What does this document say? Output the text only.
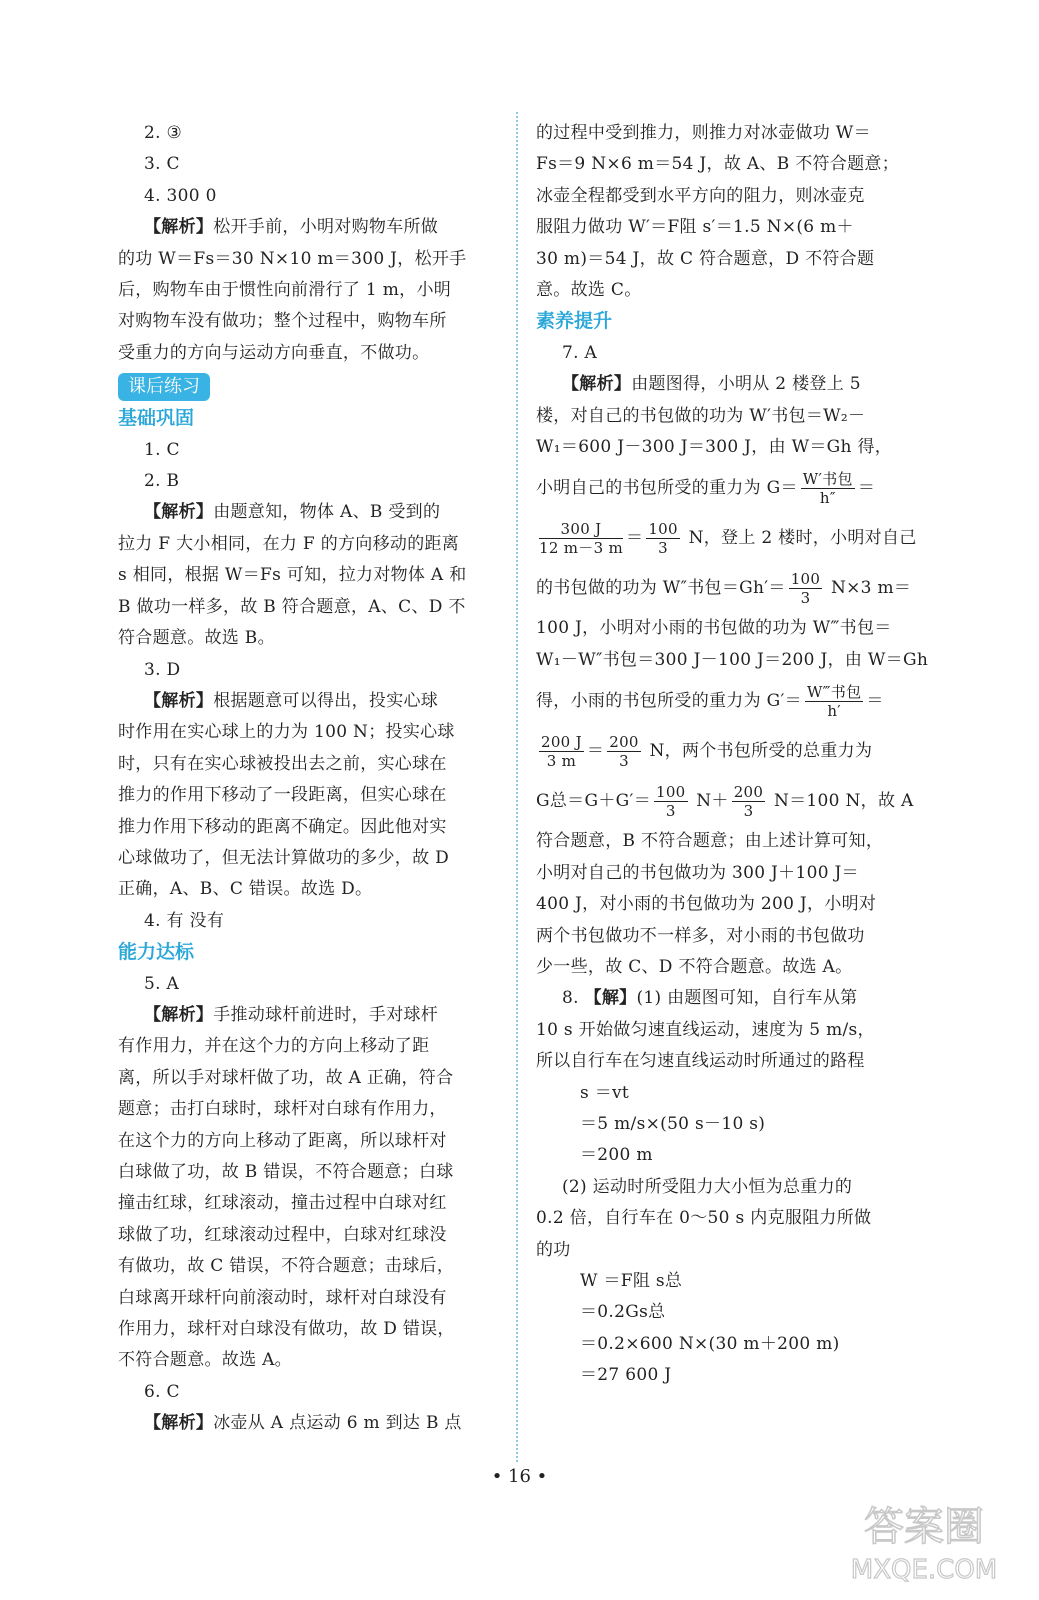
2. ③
3. C
4. 300 0
【解析】松开手前，小明对购物车所做
的功 W＝Fs＝30 N×10 m＝300 J，松开手
后，购物车由于惯性向前滑行了 1 m，小明
对购物车没有做功；整个过程中，购物车所
受重力的方向与运动方向垂直，不做功。
课后练习
基础巩固
1. C
2. B
【解析】由题意知，物体 A、B 受到的
拉力 F 大小相同，在力 F 的方向移动的距离
s 相同，根据 W＝Fs 可知，拉力对物体 A 和
B 做功一样多，故 B 符合题意，A、C、D 不
符合题意。故选 B。
3. D
【解析】根据题意可以得出，投实心球
时作用在实心球上的力为 100 N；投实心球
时，只有在实心球被投出去之前，实心球在
推力的作用下移动了一段距离，但实心球在
推力作用下移动的距离不确定。因此他对实
心球做功了，但无法计算做功的多少，故 D
正确，A、B、C 错误。故选 D。
4. 有 没有
能力达标
5. A
【解析】手推动球杆前进时，手对球杆
有作用力，并在这个力的方向上移动了距
离，所以手对球杆做了功，故 A 正确，符合
题意；击打白球时，球杆对白球有作用力，
在这个力的方向上移动了距离，所以球杆对
白球做了功，故 B 错误，不符合题意；白球
撞击红球，红球滚动，撞击过程中白球对红
球做了功，红球滚动过程中，白球对红球没
有做功，故 C 错误，不符合题意；击球后，
白球离开球杆向前滚动时，球杆对白球没有
作用力，球杆对白球没有做功，故 D 错误，
不符合题意。故选 A。
6. C
【解析】冰壶从 A 点运动 6 m 到达 B 点
的过程中受到推力，则推力对冰壶做功 W＝
Fs＝9 N×6 m＝54 J，故 A、B 不符合题意；
冰壶全程都受到水平方向的阻力，则冰壶克
服阻力做功 W′＝F阻 s′＝1.5 N×(6 m＋
30 m)＝54 J，故 C 符合题意，D 不符合题
意。故选 C。
素养提升
7. A
【解析】由题图得，小明从 2 楼登上 5
楼，对自己的书包做的功为 W′书包＝W₂－
W₁＝600 J－300 J＝300 J，由 W＝Gh 得，
小明自己的书包所受的重力为 $G= \frac{\text{W′书包}}{h''}$ ＝
$\frac{300 J}{12 m-3 m} = \frac{100}{3}$ N，登上 2 楼时，小明对自己
的书包做的功为 W″书包$=Gh'= \frac{100}{3} N\times 3$ m＝
100 J，小明对小雨的书包做的功为 W‴书包＝
W₁－W″书包＝300 J－100 J＝200 J，由 W＝Gh
得，小雨的书包所受的重力为 $G'= \frac{\text{W‴书包}}{h'}$ ＝
$\frac{200 J}{3 m} = \frac{200}{3}$ N，两个书包所受的总重力为
G总$=G+G'= \frac{100}{3} N+ \frac{200}{3} N=100$ N，故 A
符合题意，B 不符合题意；由上述计算可知，
小明对自己的书包做功为 300 J＋100 J＝
400 J，对小雨的书包做功为 200 J，小明对
两个书包做功不一样多，对小雨的书包做功
少一些，故 C、D 不符合题意。故选 A。
8. 【解】(1) 由题图可知，自行车从第
10 s 开始做匀速直线运动，速度为 5 m/s，
所以自行车在匀速直线运动时所通过的路程
s ＝vt
＝5 m/s×(50 s－10 s)
＝200 m
(2) 运动时所受阻力大小恒为总重力的
0.2 倍，自行车在 0～50 s 内克服阻力所做
的功
W ＝F阻 s总
＝0.2Gs总
＝0.2×600 N×(30 m＋200 m)
＝27 600 J
• 16 •
答案圈
MXQE.COM
